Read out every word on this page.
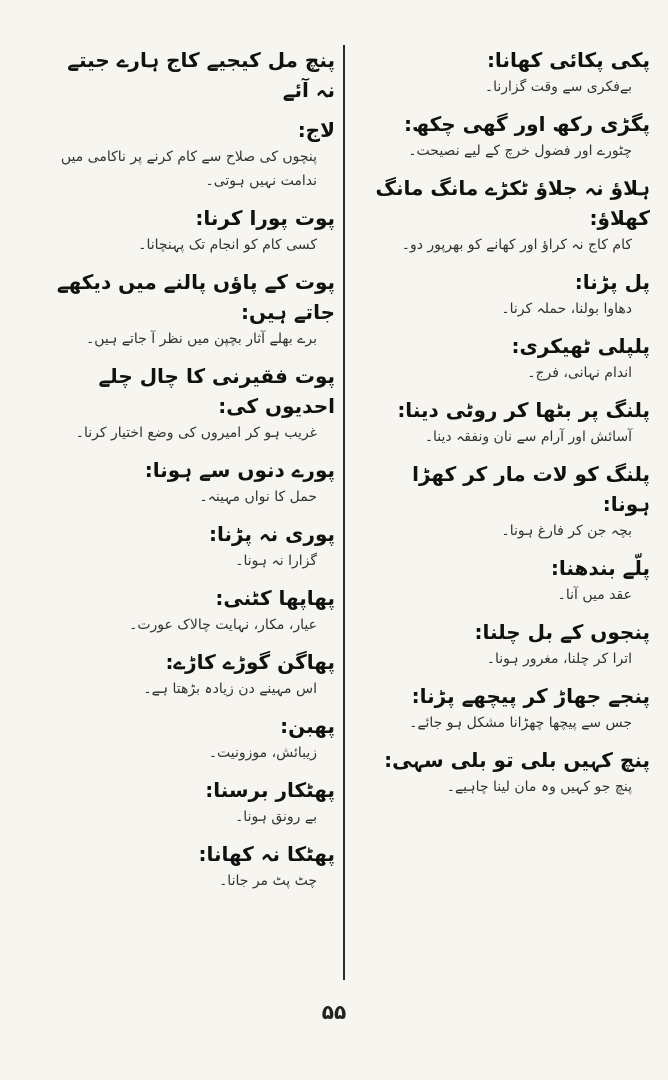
پکی پکائی کھانا:
بےفکری سے وقت گزارنا۔
پگڑی رکھ اور گھی چکھ:
چٹورے اور فضول خرچ کے لیے نصیحت۔
ہلاؤ نہ جلاؤ ٹکڑے مانگ مانگ کھلاؤ:
کام کاج نہ کراؤ اور کھانے کو بھرپور دو۔
پل پڑنا:
دھاوا بولنا، حملہ کرنا۔
پلپلی ٹھیکری:
اندام نہانی، فرج۔
پلنگ پر بٹھا کر روٹی دینا:
آسائش اور آرام سے نان ونفقہ دینا۔
پلنگ کو لات مار کر کھڑا ہونا:
بچہ جن کر فارغ ہونا۔
پلّے بندھنا:
عقد میں آنا۔
پنجوں کے بل چلنا:
اترا کر چلنا، مغرور ہونا۔
پنجے جھاڑ کر پیچھے پڑنا:
جس سے پیچھا چھڑانا مشکل ہو جائے۔
پنچ کہیں بلی تو بلی سہی:
پنچ جو کہیں وہ مان لینا چاہیے۔
پنچ مل کیجیے کاج ہارے جیتے نہ آئے
لاج:
پنچوں کی صلاح سے کام کرنے پر ناکامی میں ندامت نہیں ہوتی۔
پوت پورا کرنا:
کسی کام کو انجام تک پہنچانا۔
پوت کے پاؤں پالنے میں دیکھے جاتے ہیں:
برے بھلے آثار بچپن میں نظر آ جاتے ہیں۔
پوت فقیرنی کا چال چلے احدیوں کی:
غریب ہو کر امیروں کی وضع اختیار کرنا۔
پورے دنوں سے ہونا:
حمل کا نواں مہینہ۔
پوری نہ پڑنا:
گزارا نہ ہونا۔
پھاپھا کٹنی:
عیار، مکار، نہایت چالاک عورت۔
پھاگن گوڑے کاڑے:
اس مہینے دن زیادہ بڑھتا ہے۔
پھبن:
زیبائش، موزونیت۔
پھٹکار برسنا:
بے رونق ہونا۔
پھٹکا نہ کھانا:
چٹ پٹ مر جانا۔
۵۵
